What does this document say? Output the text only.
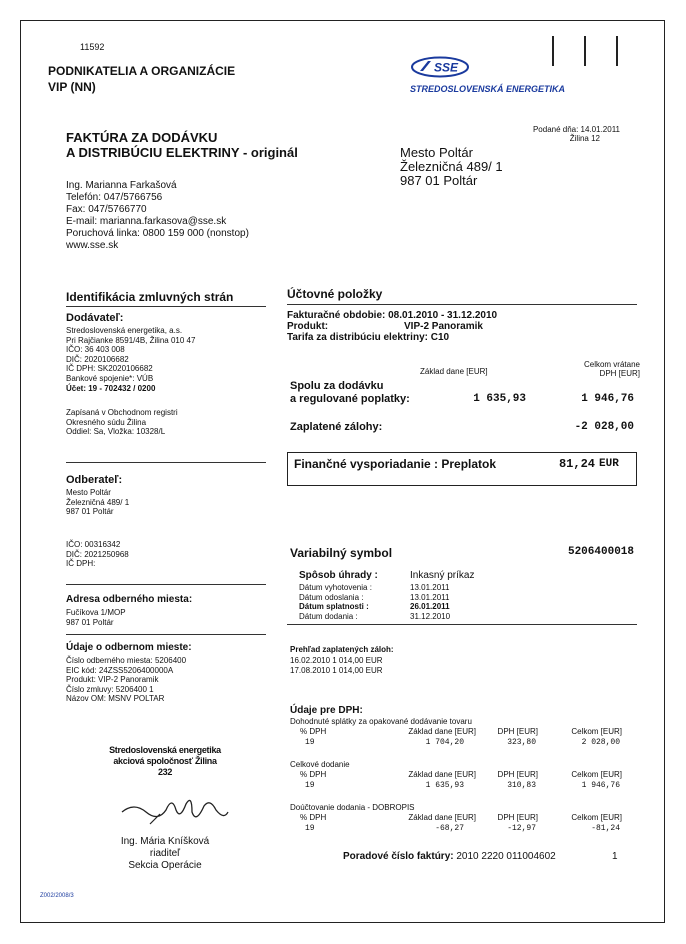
11592
PODNIKATELIA A ORGANIZÁCIE
VIP (NN)
SSE
STREDOSLOVENSKÁ ENERGETIKA
Podané dňa: 14.01.2011
Žilina 12
FAKTÚRA ZA DODÁVKU
A DISTRIBÚCIU ELEKTRINY - originál	Mesto Poltár
Železničná 489/ 1
987 01 Poltár
Ing. Marianna Farkašová
Telefón: 047/5766756
Fax: 047/5766770
E-mail: marianna.farkasova@sse.sk
Poruchová linka: 0800 159 000 (nonstop)
www.sse.sk
Identifikácia zmluvných strán
Dodávateľ:
Stredoslovenská energetika, a.s.
Pri Rajčianke 8591/4B, Žilina 010 47
IČO: 36 403 008
DIČ: 2020106682
IČ DPH: SK2020106682
Bankové spojenie*: VÚB
Účet: 19 - 702432 / 0200
Zapísaná v Obchodnom registri
Okresného súdu Žilina
Oddiel: Sa, Vložka: 10328/L
Odberateľ:
Mesto Poltár
Železničná 489/ 1
987 01 Poltár
IČO: 00316342
DIČ: 2021250968
IČ DPH:
Adresa odberného miesta:
Fučíkova 1/MOP
987 01 Poltár
Údaje o odbernom mieste:
Číslo odberného miesta: 5206400
EIC kód: 24ZSS5206400000A
Produkt: VIP-2 Panoramik
Číslo zmluvy: 5206400 1
Názov OM: MSNV POLTAR
Stredoslovenská energetika
akciová spoločnosť Žilina
232
Ing. Mária Kníšková
riaditeľ
Sekcia Operácie
Z002/2008/3
Účtovné položky
Fakturačné obdobie: 08.01.2010 - 31.12.2010
Produkt:	VIP-2 Panoramik
Tarifa za distribúciu elektriny: C10
Základ dane [EUR]
Celkom vrátane
DPH [EUR]
Spolu za dodávku
a regulované poplatky:	1 635,93	1 946,76
Zaplatené zálohy:	-2 028,00
Finančné vysporiadanie : Preplatok	81,24 EUR
Variabilný symbol	5206400018
Spôsob úhrady :	Inkasný príkaz
Dátum vyhotovenia :	13.01.2011
Dátum odoslania :	13.01.2011
Dátum splatnosti :	26.01.2011
Dátum dodania :	31.12.2010
Prehľad zaplatených záloh:
16.02.2010 1 014,00 EUR
17.08.2010 1 014,00 EUR
Údaje pre DPH:
Dohodnuté splátky za opakované dodávanie tovaru
% DPH	Základ dane [EUR]	DPH [EUR]	Celkom [EUR]
19	1 704,20	323,80	2 028,00
Celkové dodanie
% DPH	Základ dane [EUR]	DPH [EUR]	Celkom [EUR]
19	1 635,93	310,83	1 946,76
Doúčtovanie dodania - DOBROPIS
% DPH	Základ dane [EUR]	DPH [EUR]	Celkom [EUR]
19	-68,27	-12,97	-81,24
Poradové číslo faktúry: 2010 2220 011004602	1
